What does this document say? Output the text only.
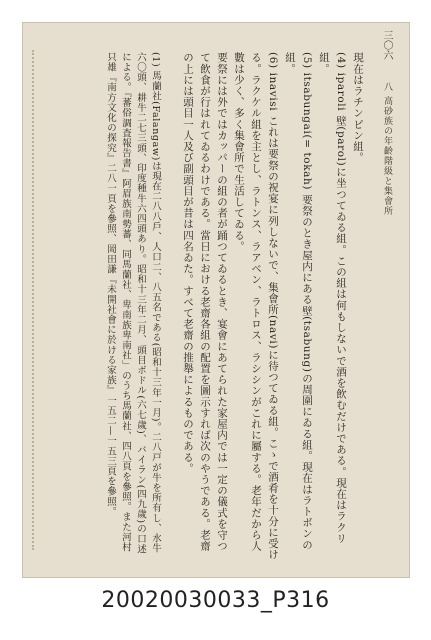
三〇六
八 高砂族の年齡階級と集會所

現在はラチンピン組。

(4) iparoli 壁(parol)に坐つてゐる組。この組は何もしないで酒を飲むだけである。現在はラクリ組。

(5) itsabungai(= tokah) 要祭のとき屋内にある壁(tsabung)の周圍にゐる組。現在はラトボンの組。

(6) inavisi これは要祭の祝宴に列しないで、集會所(navi)に待つてゐる組。こゝで酒肴を十分に受ける。ラクケル組を主とし、ラトンス、ラアベン、ラトロス、ラシシンがこれに屬する。老年だから人數は少く、多く集會所で生活してゐる。

要祭には外ではカッパーの組の者が踊つてゐるとき、宴會にあてられた家屋内では一定の儀式を守つて飲食が行はれてゐるわけである。當日における老齋各組の配置を圖示すれば次のやうである。老齋の上には頭目一人及び副頭目が昔は四名ゐた。すべて老齋の推舉によるものである。

(1) 馬蘭社(Falangaw)は現在二八八戶、人口二、八五名である(昭和十三年一月)。二八戸が牛を所有し、水牛六〇頭、耕牛二七三頭、印度種牛六四頭あり。昭和十三年二月、頭目ボドル(六七歲)、バイラン(四九歲)の口述による。『蕃俗調査報告書』阿眉族南勢蕃、同馬蘭社、卑南族卑南社」のうち馬蘭社、四八頁を參照。また河村只雄『南方文化の探究』二八一頁を參照、岡田謙『未開社會に於ける家族』一五二—一五三頁を參照。

20020030033_P316
